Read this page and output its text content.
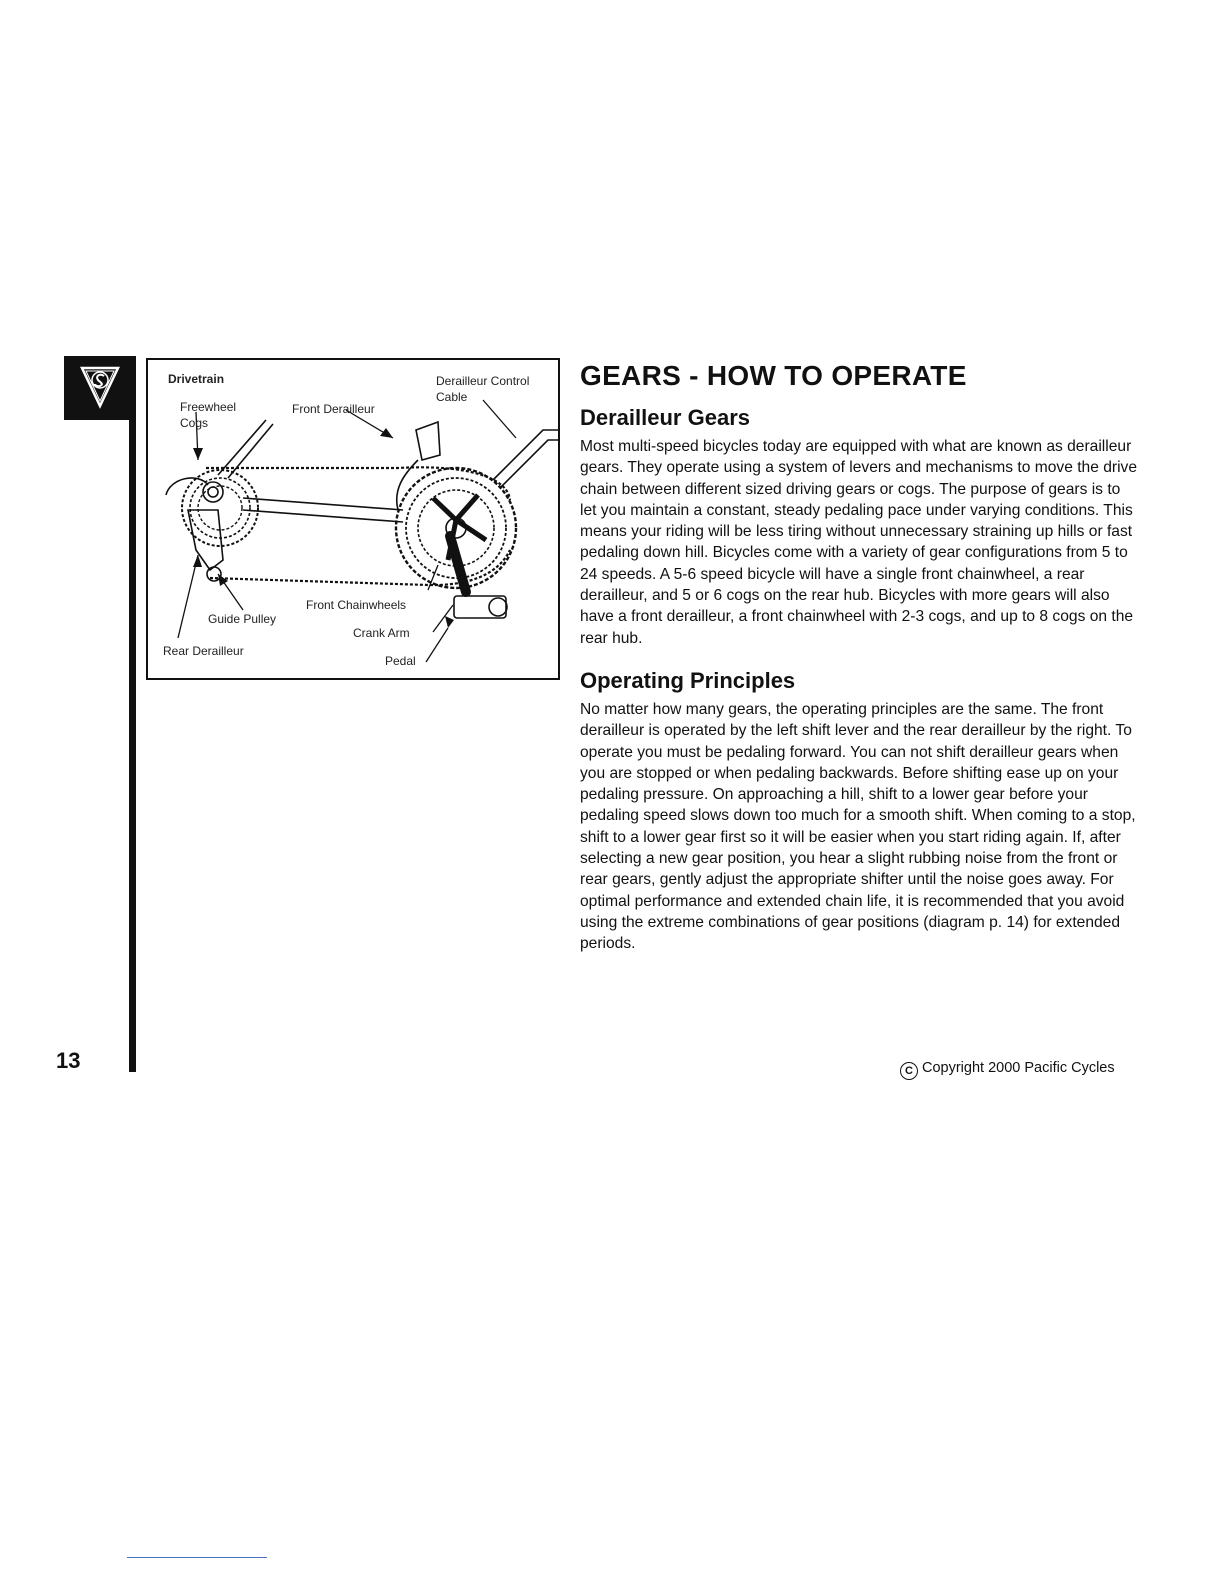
13
Drivetrain
Freewheel
Cogs
Front Derailleur
Derailleur Control
Cable
Guide Pulley
Front Chainwheels
Crank Arm
Rear Derailleur
Pedal
GEARS - HOW TO OPERATE
Derailleur Gears

Most multi-speed bicycles today are equipped with what are known as derailleur gears. They operate using a system of levers and mechanisms to move the drive chain between different sized driving gears or cogs. The purpose of gears is to let you maintain a constant, steady pedaling pace under varying conditions. This means your riding will be less tiring without unnecessary straining up hills or fast pedaling down hill. Bicycles come with a variety of gear configurations from 5 to 24 speeds. A 5-6 speed bicycle will have a single front chainwheel, a rear derailleur, and 5 or 6 cogs on the rear hub. Bicycles with more gears will also have a front derailleur, a front chainwheel with 2-3 cogs, and up to 8 cogs on the rear hub.

Operating Principles

No matter how many gears, the operating principles are the same. The front derailleur is operated by the left shift lever and the rear derailleur by the right. To operate you must be pedaling forward. You can not shift derailleur gears when you are stopped or when pedaling backwards. Before shifting ease up on your pedaling pressure. On approaching a hill, shift to a lower gear before your pedaling speed slows down too much for a smooth shift. When coming to a stop, shift to a lower gear first so it will be easier when you start riding again. If, after selecting a new gear position, you hear a slight rubbing noise from the front or rear gears, gently adjust the appropriate shifter until the noise goes away. For optimal performance and extended chain life, it is recommended that you avoid using the extreme combinations of gear positions (diagram p. 14) for extended periods.

C Copyright 2000 Pacific Cycles
